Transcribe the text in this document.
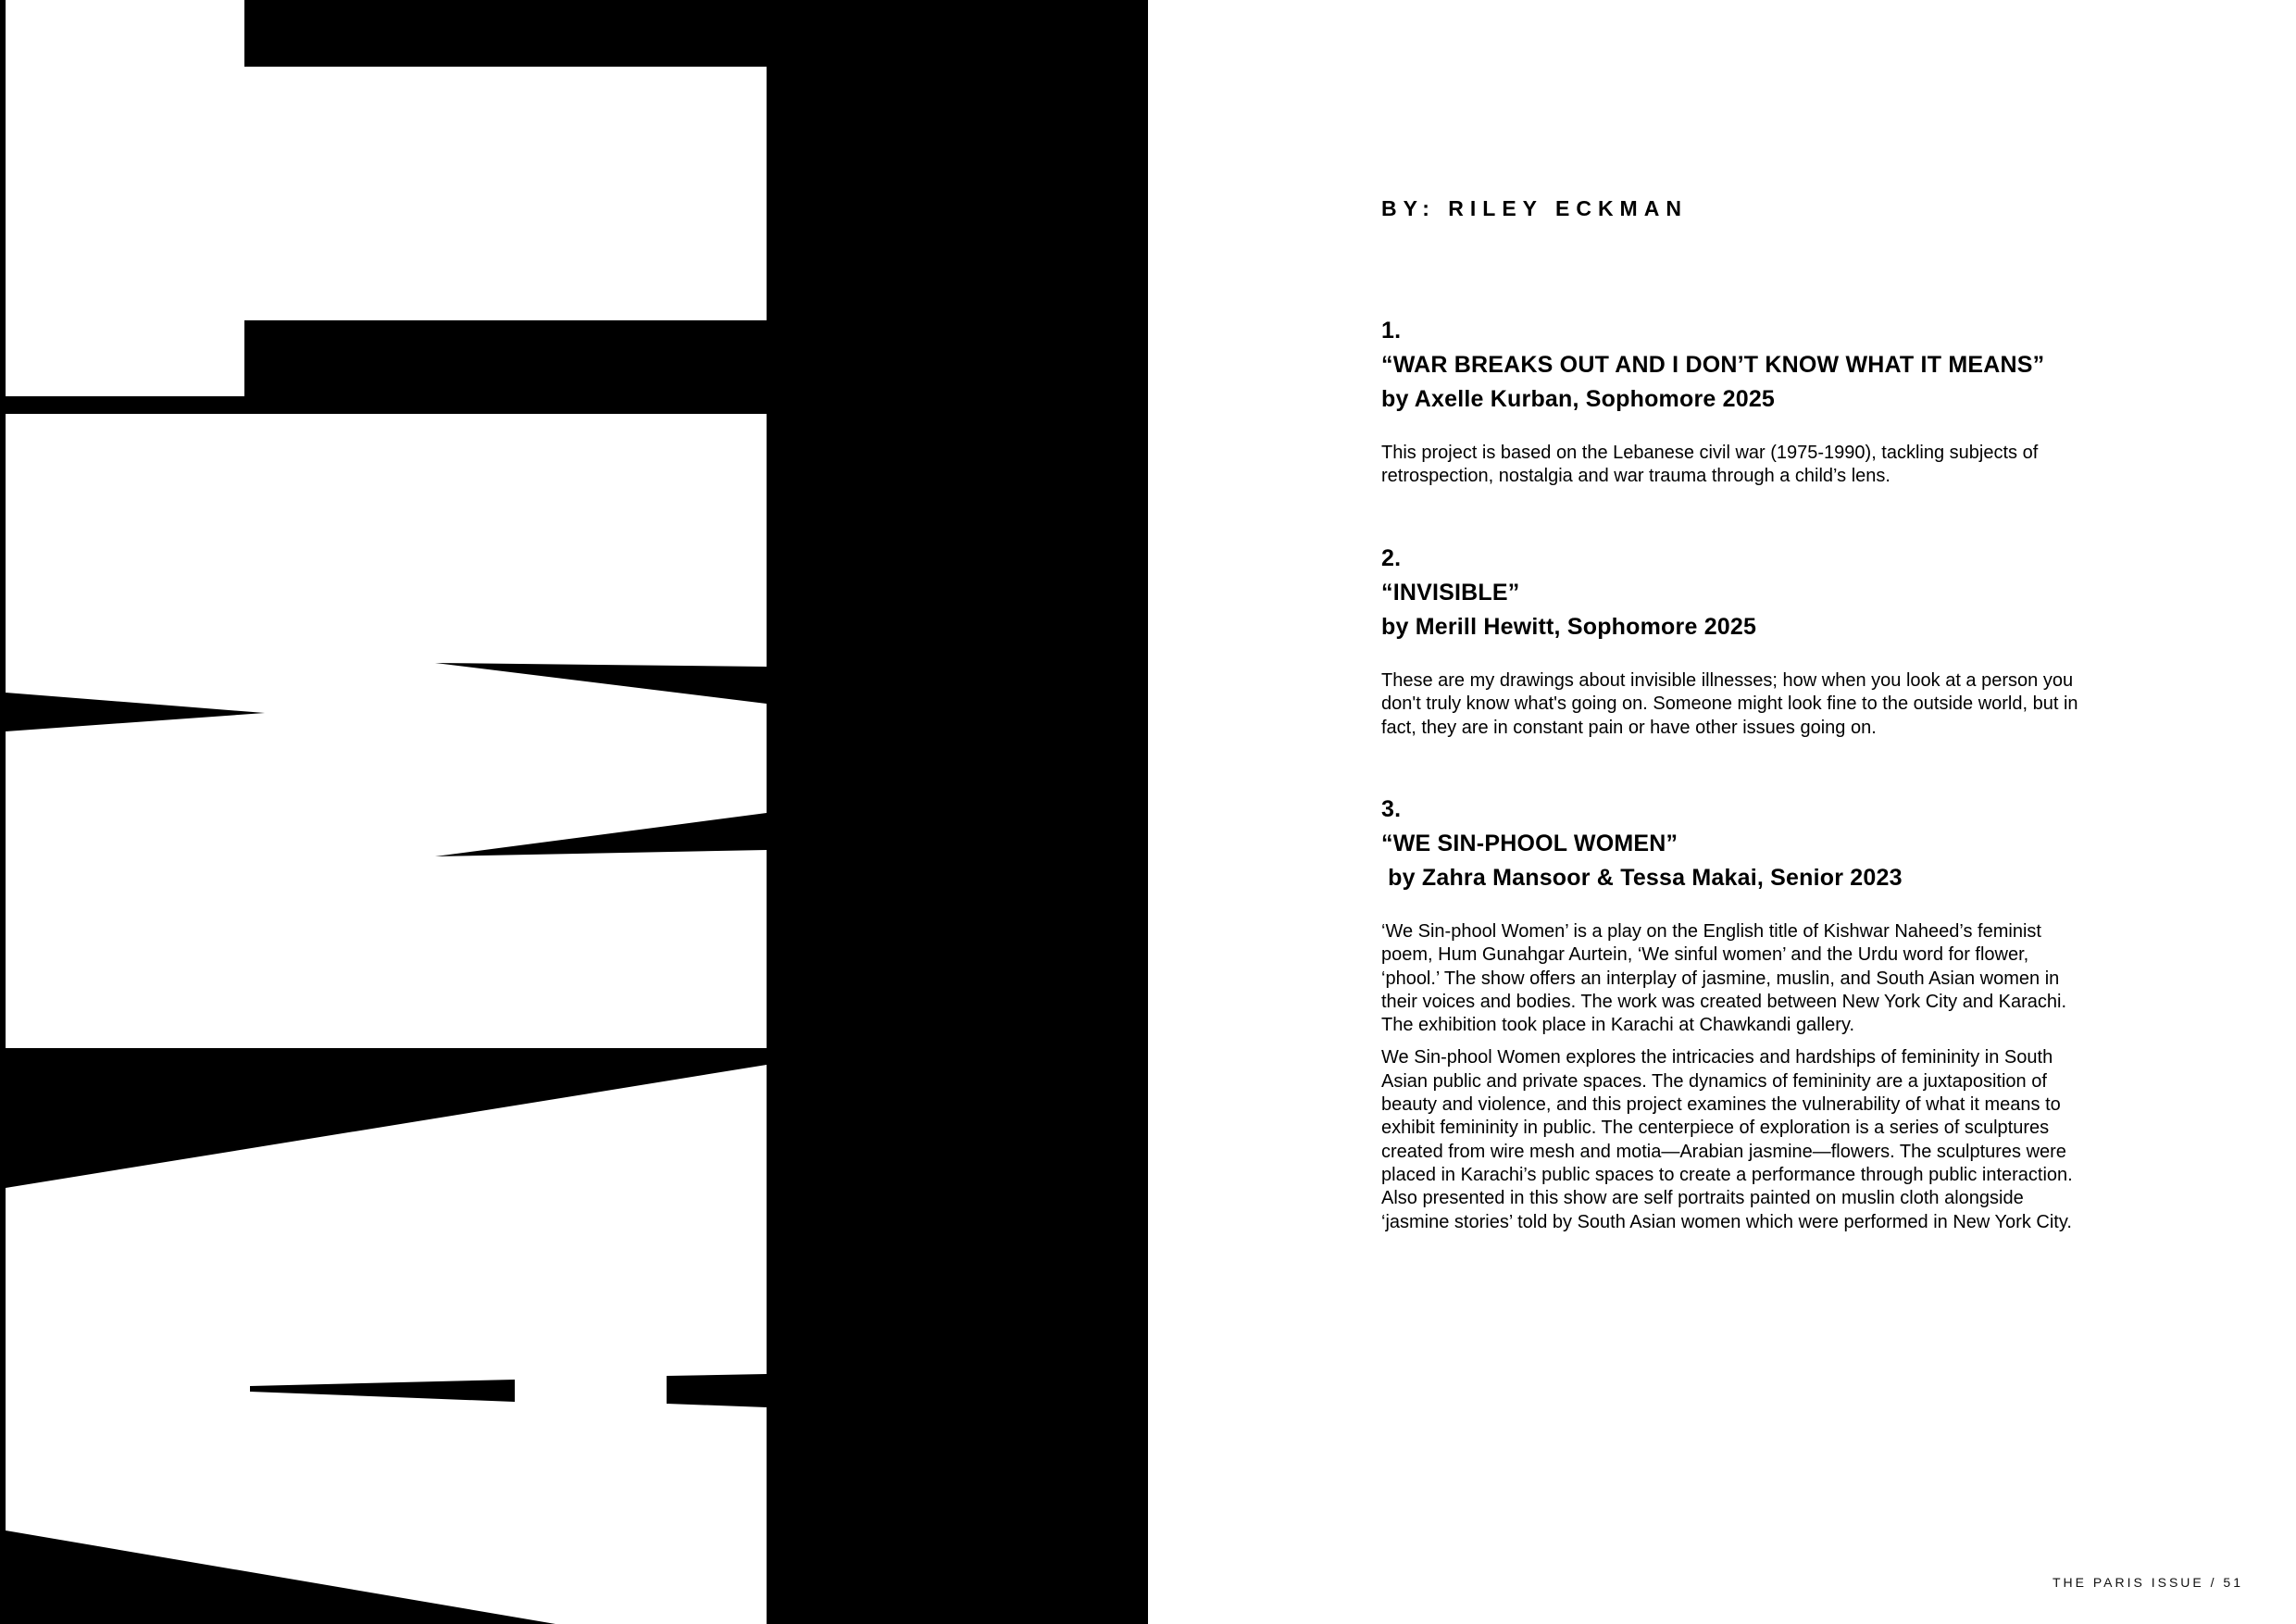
BY: RILEY ECKMAN
1.
“WAR BREAKS OUT AND I DON’T KNOW WHAT IT MEANS”
by Axelle Kurban, Sophomore 2025

This project is based on the Lebanese civil war (1975-1990), tackling subjects of retrospection, nostalgia and war trauma through a child’s lens.

2.
“INVISIBLE”
by Merill Hewitt, Sophomore 2025

These are my drawings about invisible illnesses; how when you look at a person you don't truly know what's going on. Someone might look fine to the outside world, but in fact, they are in constant pain or have other issues going on.

3.
“WE SIN-PHOOL WOMEN”
by Zahra Mansoor & Tessa Makai, Senior 2023

‘We Sin-phool Women’ is a play on the English title of Kishwar Naheed’s feminist poem, Hum Gunahgar Aurtein, ‘We sinful women’ and the Urdu word for flower, ‘phool.’ The show offers an interplay of jasmine, muslin, and South Asian women in their voices and bodies. The work was created between New York City and Karachi. The exhibition took place in Karachi at Chawkandi gallery.

We Sin-phool Women explores the intricacies and hardships of femininity in South Asian public and private spaces. The dynamics of femininity are a juxtaposition of beauty and violence, and this project examines the vulnerability of what it means to exhibit femininity in public. The centerpiece of exploration is a series of sculptures created from wire mesh and motia—Arabian jasmine—flowers. The sculptures were placed in Karachi’s public spaces to create a performance through public interaction. Also presented in this show are self portraits painted on muslin cloth alongside ‘jasmine stories’ told by South Asian women which were performed in New York City.

THE PARIS ISSUE / 51
